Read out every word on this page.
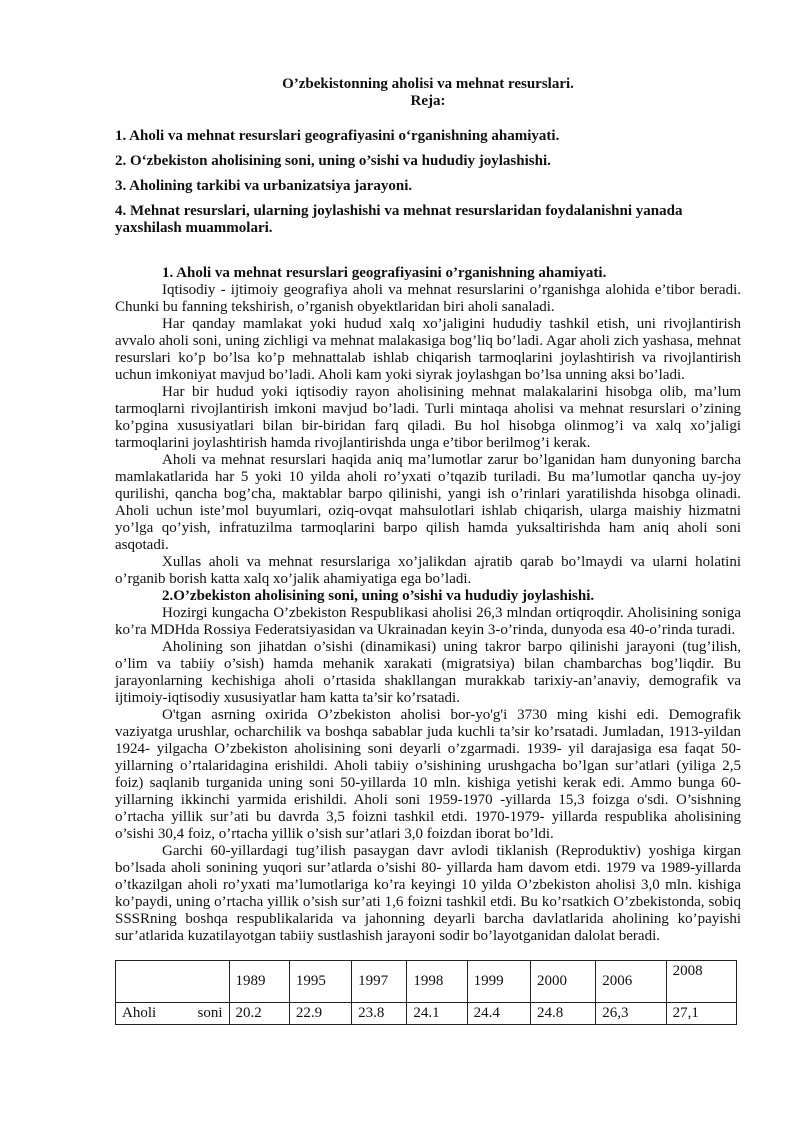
O’zbekistonning aholisi va mehnat resurslari.

Reja:

1. Aholi va mehnat resurslari geografiyasini o‘rganishning ahamiyati.
2. O‘zbekiston aholisining soni, uning o’sishi va hududiy joylashishi.
3. Aholining tarkibi va urbanizatsiya jarayoni.
4. Mehnat resurslari, ularning joylashishi va mehnat resurslaridan foydalanishni yanada yaxshilash muammolari.

1. Aholi va mehnat resurslari geografiyasini o’rganishning ahamiyati.

Iqtisodiy - ijtimoiy geografiya aholi va mehnat resurslarini o’rganishga alohida e’tibor beradi. Chunki bu fanning tekshirish, o’rganish obyektlaridan biri aholi sanaladi.

Har qanday mamlakat yoki hudud xalq xo’jaligini hududiy tashkil etish, uni rivojlantirish avvalo aholi soni, uning zichligi va mehnat malakasiga bog’liq bo’ladi. Agar aholi zich yashasa, mehnat resurslari ko’p bo’lsa ko’p mehnattalab ishlab chiqarish tarmoqlarini joylashtirish va rivojlantirish uchun imkoniyat mavjud bo’ladi. Aholi kam yoki siyrak joylashgan bo’lsa unning aksi bo’ladi.

Har bir hudud yoki iqtisodiy rayon aholisining mehnat malakalarini hisobga olib, ma’lum tarmoqlarni rivojlantirish imkoni mavjud bo’ladi. Turli mintaqa aholisi va mehnat resurslari o’zining ko’pgina xususiyatlari bilan bir-biridan farq qiladi. Bu hol hisobga olinmog’i va xalq xo’jaligi tarmoqlarini joylashtirish hamda rivojlantirishda unga e’tibor berilmog’i kerak.

Aholi va mehnat resurslari haqida aniq ma’lumotlar zarur bo’lganidan ham dunyoning barcha mamlakatlarida har 5 yoki 10 yilda aholi ro’yxati o’tqazib turiladi. Bu ma’lumotlar qancha uy-joy qurilishi, qancha bog’cha, maktablar barpo qilinishi, yangi ish o’rinlari yaratilishda hisobga olinadi. Aholi uchun iste’mol buyumlari, oziq-ovqat mahsulotlari ishlab chiqarish, ularga maishiy hizmatni yo’lga qo’yish, infratuzilma tarmoqlarini barpo qilish hamda yuksaltirishda ham aniq aholi soni asqotadi.

Xullas aholi va mehnat resurslariga xo’jalikdan ajratib qarab bo’lmaydi va ularni holatini o’rganib borish katta xalq xo’jalik ahamiyatiga ega bo’ladi.

2.O’zbekiston aholisining soni, uning o’sishi va hududiy joylashishi.

Hozirgi kungacha O’zbekiston Respublikasi aholisi 26,3 mlndan ortiqroqdir. Aholisining soniga ko’ra MDHda Rossiya Federatsiyasidan va Ukrainadan keyin 3-o’rinda, dunyoda esa 40-o’rinda turadi.

Aholining son jihatdan o’sishi (dinamikasi) uning takror barpo qilinishi jarayoni (tug’ilish, o’lim va tabiiy o’sish) hamda mehanik xarakati (migratsiya) bilan chambarchas bog’liqdir. Bu jarayonlarning kechishiga aholi o’rtasida shakllangan murakkab tarixiy-an’anaviy, demografik va ijtimoiy-iqtisodiy xususiyatlar ham katta ta’sir ko’rsatadi.

O'tgan asrning oxirida O’zbekiston aholisi bor-yo'g'i 3730 ming kishi edi. Demografik vaziyatga urushlar, ocharchilik va boshqa sabablar juda kuchli ta’sir ko’rsatadi. Jumladan, 1913-yildan 1924- yilgacha O’zbekiston aholisining soni deyarli o’zgarmadi. 1939- yil darajasiga esa faqat 50-yillarning o’rtalaridagina erishildi. Aholi tabiiy o’sishining urushgacha bo’lgan sur’atlari (yiliga 2,5 foiz) saqlanib turganida uning soni 50-yillarda 10 mln. kishiga yetishi kerak edi. Ammo bunga 60-yillarning ikkinchi yarmida erishildi. Aholi soni 1959-1970 -yillarda 15,3 foizga o'sdi. O’sishning o’rtacha yillik sur’ati bu davrda 3,5 foizni tashkil etdi. 1970-1979- yillarda respublika aholisining o’sishi 30,4 foiz, o’rtacha yillik o’sish sur’atlari 3,0 foizdan iborat bo’ldi.

Garchi 60-yillardagi tug’ilish pasaygan davr avlodi tiklanish (Reproduktiv) yoshiga kirgan bo’lsada aholi sonining yuqori sur’atlarda o’sishi 80- yillarda ham davom etdi. 1979 va 1989-yillarda o’tkazilgan aholi ro’yxati ma’lumotlariga ko’ra keyingi 10 yilda O’zbekiston aholisi 3,0 mln. kishiga ko’paydi, uning o’rtacha yillik o’sish sur’ati 1,6 foizni tashkil etdi. Bu ko’rsatkich O’zbekistonda, sobiq SSSRning boshqa respublikalarida va jahonning deyarli barcha davlatlarida aholining ko’payishi sur’atlarida kuzatilayotgan tabiiy sustlashish jarayoni sodir bo’layotganidan dalolat beradi.

	1989	1995	1997	1998	1999	2000	2006	2008

Aholi soni	20.2	22.9	23.8	24.1	24.4	24.8	26,3	27,1
